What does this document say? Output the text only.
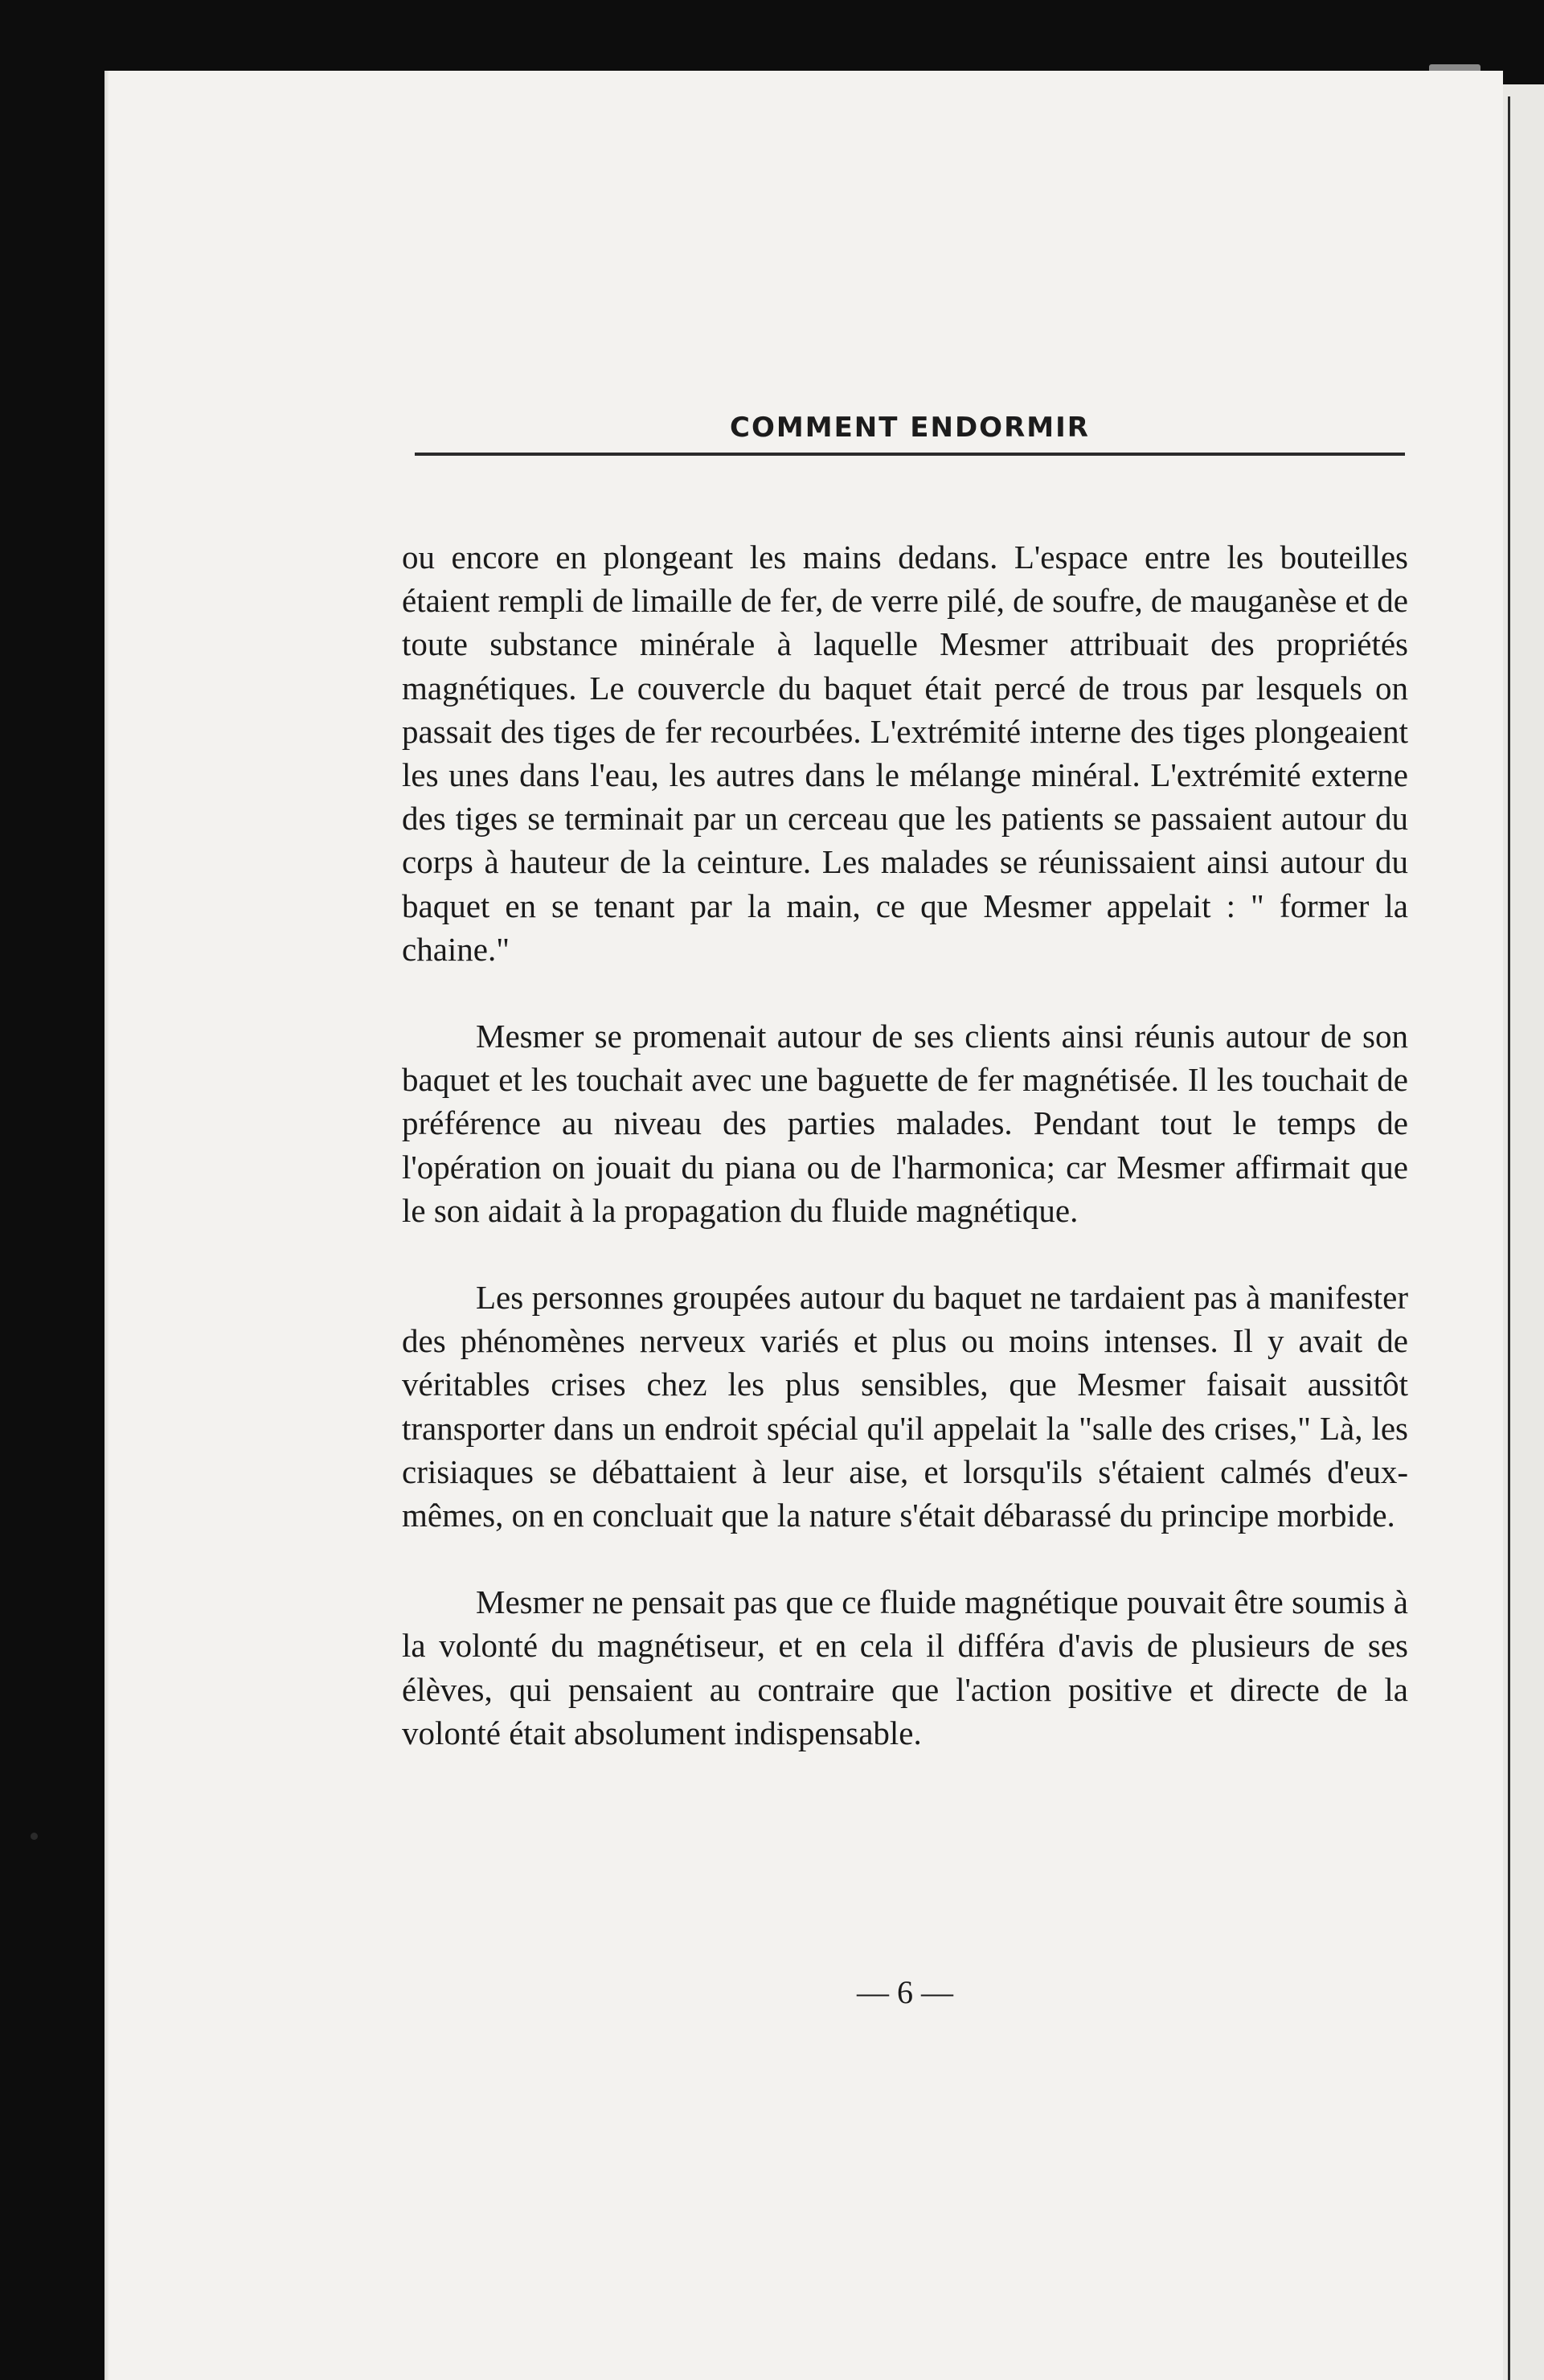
COMMENT ENDORMIR

ou encore en plongeant les mains dedans. L'espace entre les bouteilles étaient rempli de limaille de fer, de verre pilé, de soufre, de mauganèse et de toute substance minérale à laquelle Mesmer attribuait des propriétés magnétiques. Le couvercle du baquet était percé de trous par lesquels on passait des tiges de fer recourbées. L'extrémité interne des tiges plongeaient les unes dans l'eau, les autres dans le mélange minéral. L'extrémité externe des tiges se terminait par un cerceau que les patients se passaient autour du corps à hauteur de la ceinture. Les malades se réunissaient ainsi autour du baquet en se tenant par la main, ce que Mesmer appelait : " former la chaine."

Mesmer se promenait autour de ses clients ainsi réunis autour de son baquet et les touchait avec une baguette de fer magnétisée. Il les touchait de préférence au niveau des parties malades. Pendant tout le temps de l'opération on jouait du piana ou de l'harmonica; car Mesmer affirmait que le son aidait à la propagation du fluide magnétique.

Les personnes groupées autour du baquet ne tardaient pas à manifester des phénomènes nerveux variés et plus ou moins intenses. Il y avait de véritables crises chez les plus sensibles, que Mesmer faisait aussitôt transporter dans un endroit spécial qu'il appelait la "salle des crises," Là, les crisiaques se débattaient à leur aise, et lorsqu'ils s'étaient calmés d'eux-mêmes, on en concluait que la nature s'était débarassé du principe morbide.

Mesmer ne pensait pas que ce fluide magnétique pouvait être soumis à la volonté du magnétiseur, et en cela il différa d'avis de plusieurs de ses élèves, qui pensaient au contraire que l'action positive et directe de la volonté était absolument indispensable.

— 6 —
